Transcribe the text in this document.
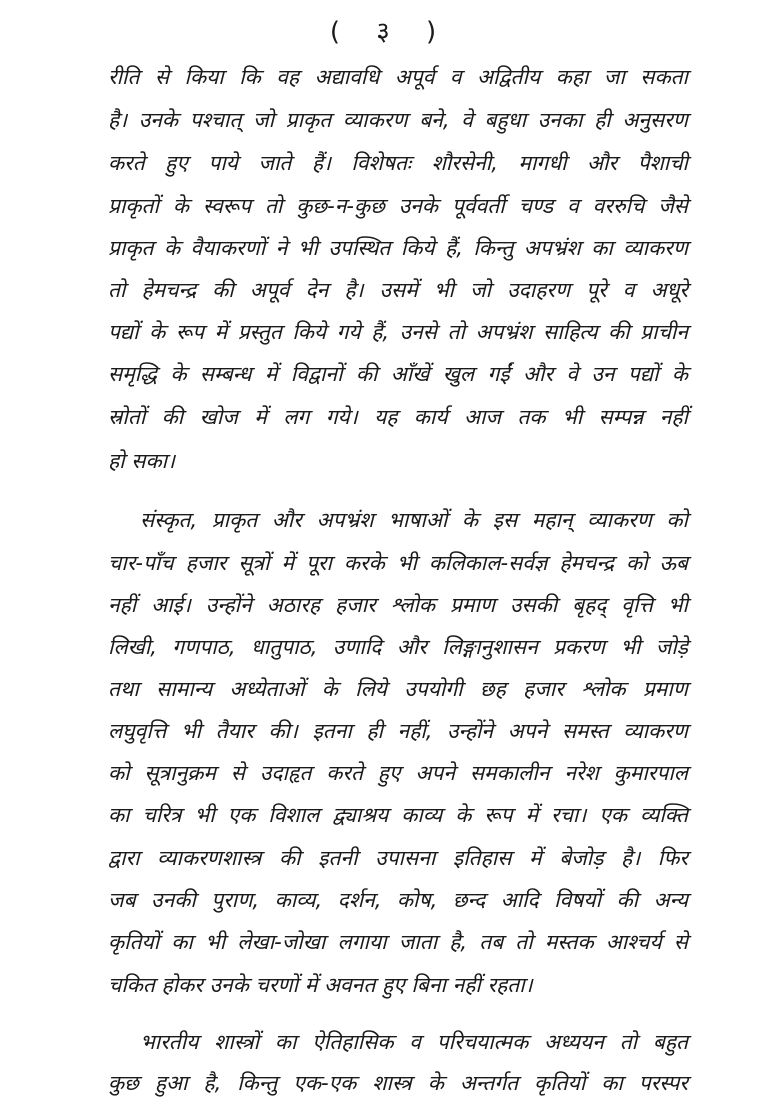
( ३ )
रीति से किया कि वह अद्यावधि अपूर्व व अद्वितीय कहा जा सकता
है। उनके पश्चात् जो प्राकृत व्याकरण बने, वे बहुधा उनका ही अनुसरण
करते हुए पाये जाते हैं। विशेषतः शौरसेनी, मागधी और पैशाची
प्राकृतों के स्वरूप तो कुछ-न-कुछ उनके पूर्ववर्ती चण्ड व वररुचि जैसे
प्राकृत के वैयाकरणों ने भी उपस्थित किये हैं, किन्तु अपभ्रंश का व्याकरण
तो हेमचन्द्र की अपूर्व देन है। उसमें भी जो उदाहरण पूरे व अधूरे
पद्यों के रूप में प्रस्तुत किये गये हैं, उनसे तो अपभ्रंश साहित्य की प्राचीन
समृद्धि के सम्बन्ध में विद्वानों की आँखें खुल गईं और वे उन पद्यों के
स्रोतों की खोज में लग गये। यह कार्य आज तक भी सम्पन्न नहीं
हो सका।
संस्कृत, प्राकृत और अपभ्रंश भाषाओं के इस महान् व्याकरण को
चार-पाँच हजार सूत्रों में पूरा करके भी कलिकाल-सर्वज्ञ हेमचन्द्र को ऊब
नहीं आई। उन्होंने अठारह हजार श्लोक प्रमाण उसकी बृहद् वृत्ति भी
लिखी, गणपाठ, धातुपाठ, उणादि और लिङ्गानुशासन प्रकरण भी जोड़े
तथा सामान्य अध्येताओं के लिये उपयोगी छह हजार श्लोक प्रमाण
लघुवृत्ति भी तैयार की। इतना ही नहीं, उन्होंने अपने समस्त व्याकरण
को सूत्रानुक्रम से उदाहृत करते हुए अपने समकालीन नरेश कुमारपाल
का चरित्र भी एक विशाल द्व्याश्रय काव्य के रूप में रचा। एक व्यक्ति
द्वारा व्याकरणशास्त्र की इतनी उपासना इतिहास में बेजोड़ है। फिर
जब उनकी पुराण, काव्य, दर्शन, कोष, छन्द आदि विषयों की अन्य
कृतियों का भी लेखा-जोखा लगाया जाता है, तब तो मस्तक आश्चर्य से
चकित होकर उनके चरणों में अवनत हुए बिना नहीं रहता।
भारतीय शास्त्रों का ऐतिहासिक व परिचयात्मक अध्ययन तो बहुत
कुछ हुआ है, किन्तु एक-एक शास्त्र के अन्तर्गत कृतियों का परस्पर
